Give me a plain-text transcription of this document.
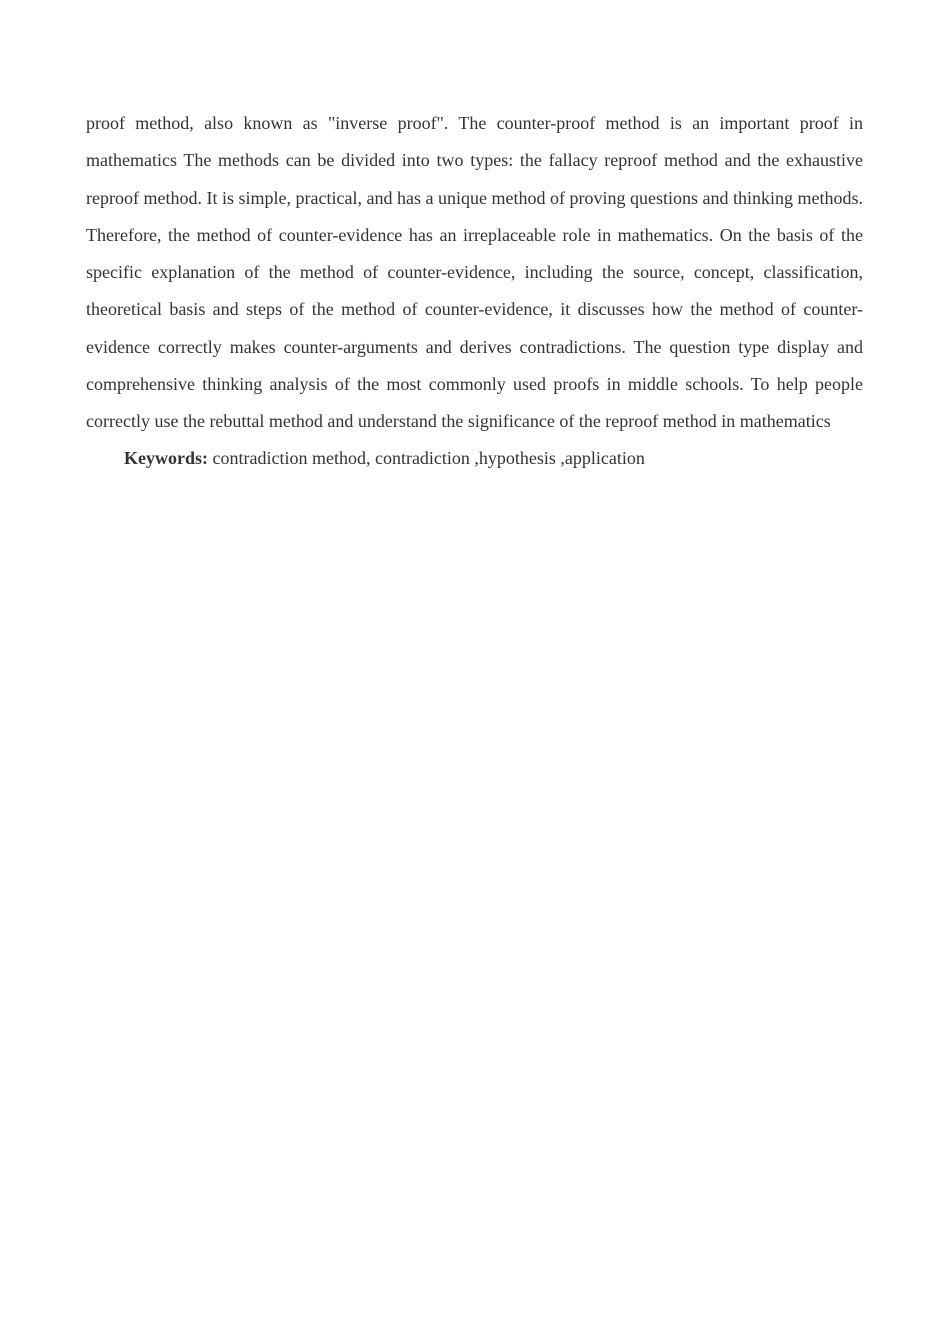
proof method, also known as "inverse proof". The counter-proof method is an important proof in mathematics The methods can be divided into two types: the fallacy reproof method and the exhaustive reproof method. It is simple, practical, and has a unique method of proving questions and thinking methods. Therefore, the method of counter-evidence has an irreplaceable role in mathematics. On the basis of the specific explanation of the method of counter-evidence, including the source, concept, classification, theoretical basis and steps of the method of counter-evidence, it discusses how the method of counter-evidence correctly makes counter-arguments and derives contradictions. The question type display and comprehensive thinking analysis of the most commonly used proofs in middle schools. To help people correctly use the rebuttal method and understand the significance of the reproof method in mathematics

Keywords: contradiction method, contradiction ,hypothesis ,application
